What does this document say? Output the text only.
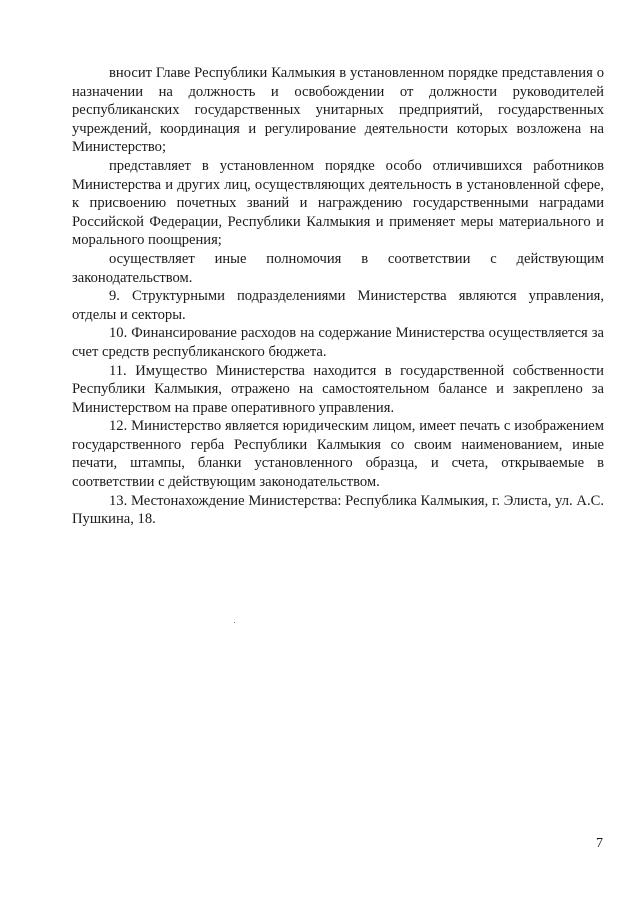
вносит Главе Республики Калмыкия в установленном порядке представления о назначении на должность и освобождении от должности руководителей республиканских государственных унитарных предприятий, государственных учреждений, координация и регулирование деятельности которых возложена на Министерство;

представляет в установленном порядке особо отличившихся работников Министерства и других лиц, осуществляющих деятельность в установленной сфере, к присвоению почетных званий и награждению государственными наградами Российской Федерации, Республики Калмыкия и применяет меры материального и морального поощрения;

осуществляет иные полномочия в соответствии с действующим законодательством.

9. Структурными подразделениями Министерства являются управления, отделы и секторы.

10. Финансирование расходов на содержание Министерства осуществляется за счет средств республиканского бюджета.

11. Имущество Министерства находится в государственной собственности Республики Калмыкия, отражено на самостоятельном балансе и закреплено за Министерством на праве оперативного управления.

12. Министерство является юридическим лицом, имеет печать с изображением государственного герба Республики Калмыкия со своим наименованием, иные печати, штампы, бланки установленного образца, и счета, открываемые в соответствии с действующим законодательством.

13. Местонахождение Министерства: Республика Калмыкия, г. Элиста, ул. А.С. Пушкина, 18.

7
